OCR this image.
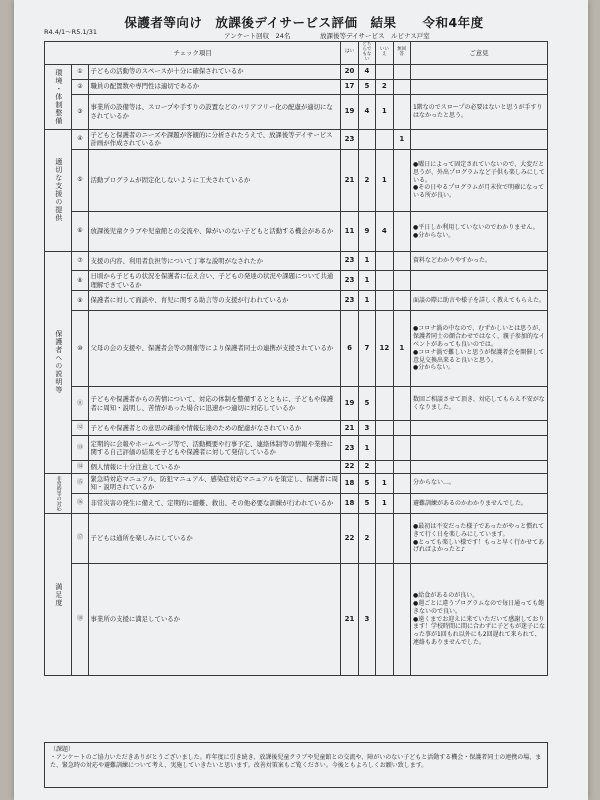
保護者等向け　放課後デイサービス評価　結果　　令和4年度
R4.4/1〜R5.1/31	アンケート回収　24名	放課後等デイサービス　ルピナス戸室
チェック項目			はい	どちらでもない	いいえ	無回答	ご意見
環境・体制整備	①	子どもの活動等のスペースが十分に確保されているか	20	4			
	②	職員の配置数や専門性は適切であるか	17	5	2		
	③	事業所の設備等は、スロープや手すりの設置などのバリアフリー化の配慮が適切になされているか	19	4	1		1階なのでスロープの必要はないと思うが手すりはなかったと思う。
適切な支援の提供	④	子どもと保護者のニーズや課題が客観的に分析されたうえで、放課後等デイサービス計画が作成されているか	23			1	
	⑤	活動プログラムが固定化しないように工夫されているか	21	2	1		●曜日によって固定されていないので、大変だと思うが、外出プログラムなど子供も楽しみにしている。
●その日やるプログラムが月末位で明確になっている所が良い。
	⑥	放課後児童クラブや児童館との交流や、障がいのない子どもと活動する機会があるか	11	9	4		●平日しか利用していないのでわかりません。
●分からない。
保護者への説明等	⑦	支援の内容、利用者負担等について丁寧な説明がなされたか	23	1			資料などわかりやすかった。
	⑧	日頃から子どもの状況を保護者に伝え合い、子どもの発達の状況や課題について共通理解できているか	23	1			
	⑨	保護者に対して面談や、育児に関する助言等の支援が行われているか	23	1			面談の際に助言や様子を詳しく教えてもらえた。
	⑩	父母の会の支援や、保護者会等の開催等により保護者同士の連携が支援されているか	6	7	12	1	●コロナ渦の中なので、むずかしいとは思うが、保護者同士の顔合わせではなく、親子参加的なイベントがあっても良いのでは。
●コロナ渦で難しいと思うが保護者会を開催して意見交換出来ると良いと思う。
●分からない。
	⑪	子どもや保護者からの苦情について、対応の体制を整備するとともに、子どもや保護者に周知・説明し、苦情があった場合に迅速かつ適切に対応しているか	19	5			数回ご相談させて頂き、対応してもらえ不安がなくなりました。
	⑫	子どもや保護者との意思の疎通や情報伝達のための配慮がなされているか	21	3			
	⑬	定期的に会報やホームページ等で、活動概要や行事予定、連絡体制等の情報や業務に関する自己評価の結果を子どもや保護者に対して発信しているか	23	1			
	⑭	個人情報に十分注意しているか	22	2			
非常時等の対応	⑮	緊急時対応マニュアル、防犯マニュアル、感染症対応マニュアルを策定し、保護者に周知・説明されているか	18	5	1		分からない…。
	⑯	非常災害の発生に備えて、定期的に避難、救出、その他必要な訓練が行われているか	18	5	1		避難訓練があるのかわかりませんでした。
満足度	⑰	子どもは通所を楽しみにしているか	22	2			●最初は不安だった様子であったがやっと慣れてきて行く日を楽しみにしています。
●とっても楽しい様です！もっと早く行かせてあげればよかったと♪
	⑱	事業所の支援に満足しているか	21	3			●給食があるのが良い。
●週ごとに違うプログラムなので毎日通っても飽きないので良い。
●遠くまでお迎えに来ていただいて感謝しております！学校時間に間に合わずに子どもが迷子になった事が1回もれ以外にも2回遅れて来られて、連絡もありませんでした。
（課題）
・アンケートのご協力いただきありがとうございました。昨年度に引き続き、放課後児童クラブや児童館との交流や、障がいのない子どもと活動する機会・保護者同士の連携の場、また、緊急時の対応や避難訓練について考え、実施していきたいと思います。改善対策案もご覧ください。今後ともよろしくお願い致します。
